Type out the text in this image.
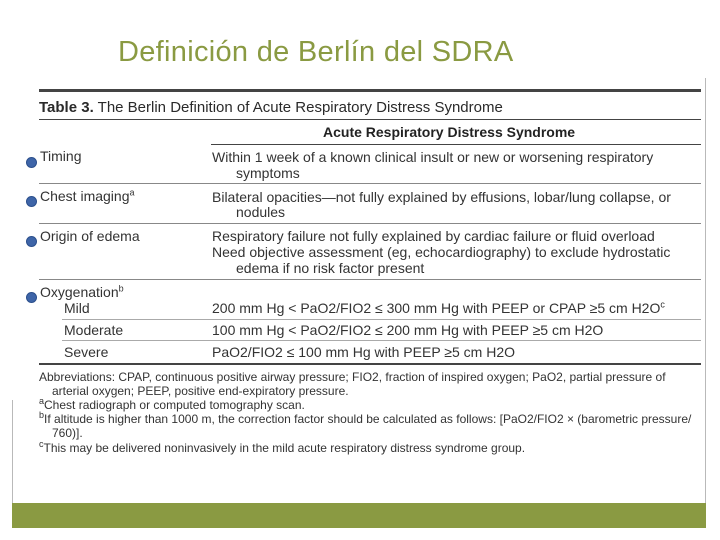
Definición de Berlín del SDRA
Table 3. The Berlin Definition of Acute Respiratory Distress Syndrome
Acute Respiratory Distress Syndrome
Timing	Within 1 week of a known clinical insult or new or worsening respiratory
symptoms
Chest imaging$^a$	Bilateral opacities—not fully explained by effusions, lobar/lung collapse, or
nodules
Origin of edema	Respiratory failure not fully explained by cardiac failure or fluid overload
Need objective assessment (eg, echocardiography) to exclude hydrostatic
edema if no risk factor present
Oxygenation$^b$
Mild	200 mm Hg < PaO2/FIO2 ≤ 300 mm Hg with PEEP or CPAP ≥5 cm $H2O^c$
Moderate	100 mm Hg < PaO2/FIO2 ≤ 200 mm Hg with PEEP ≥5 cm H2O
Severe	PaO2/FIO2 ≤ 100 mm Hg with PEEP ≥5 cm H2O
Abbreviations: CPAP, continuous positive airway pressure; FIO2, fraction of inspired oxygen; PaO2, partial pressure of
arterial oxygen; PEEP, positive end-expiratory pressure.
$^a$Chest radiograph or computed tomography scan.
$^b$If altitude is higher than 1000 m, the correction factor should be calculated as follows: [PaO2/FIO2 × (barometric pressure/
760)].
$^c$This may be delivered noninvasively in the mild acute respiratory distress syndrome group.
